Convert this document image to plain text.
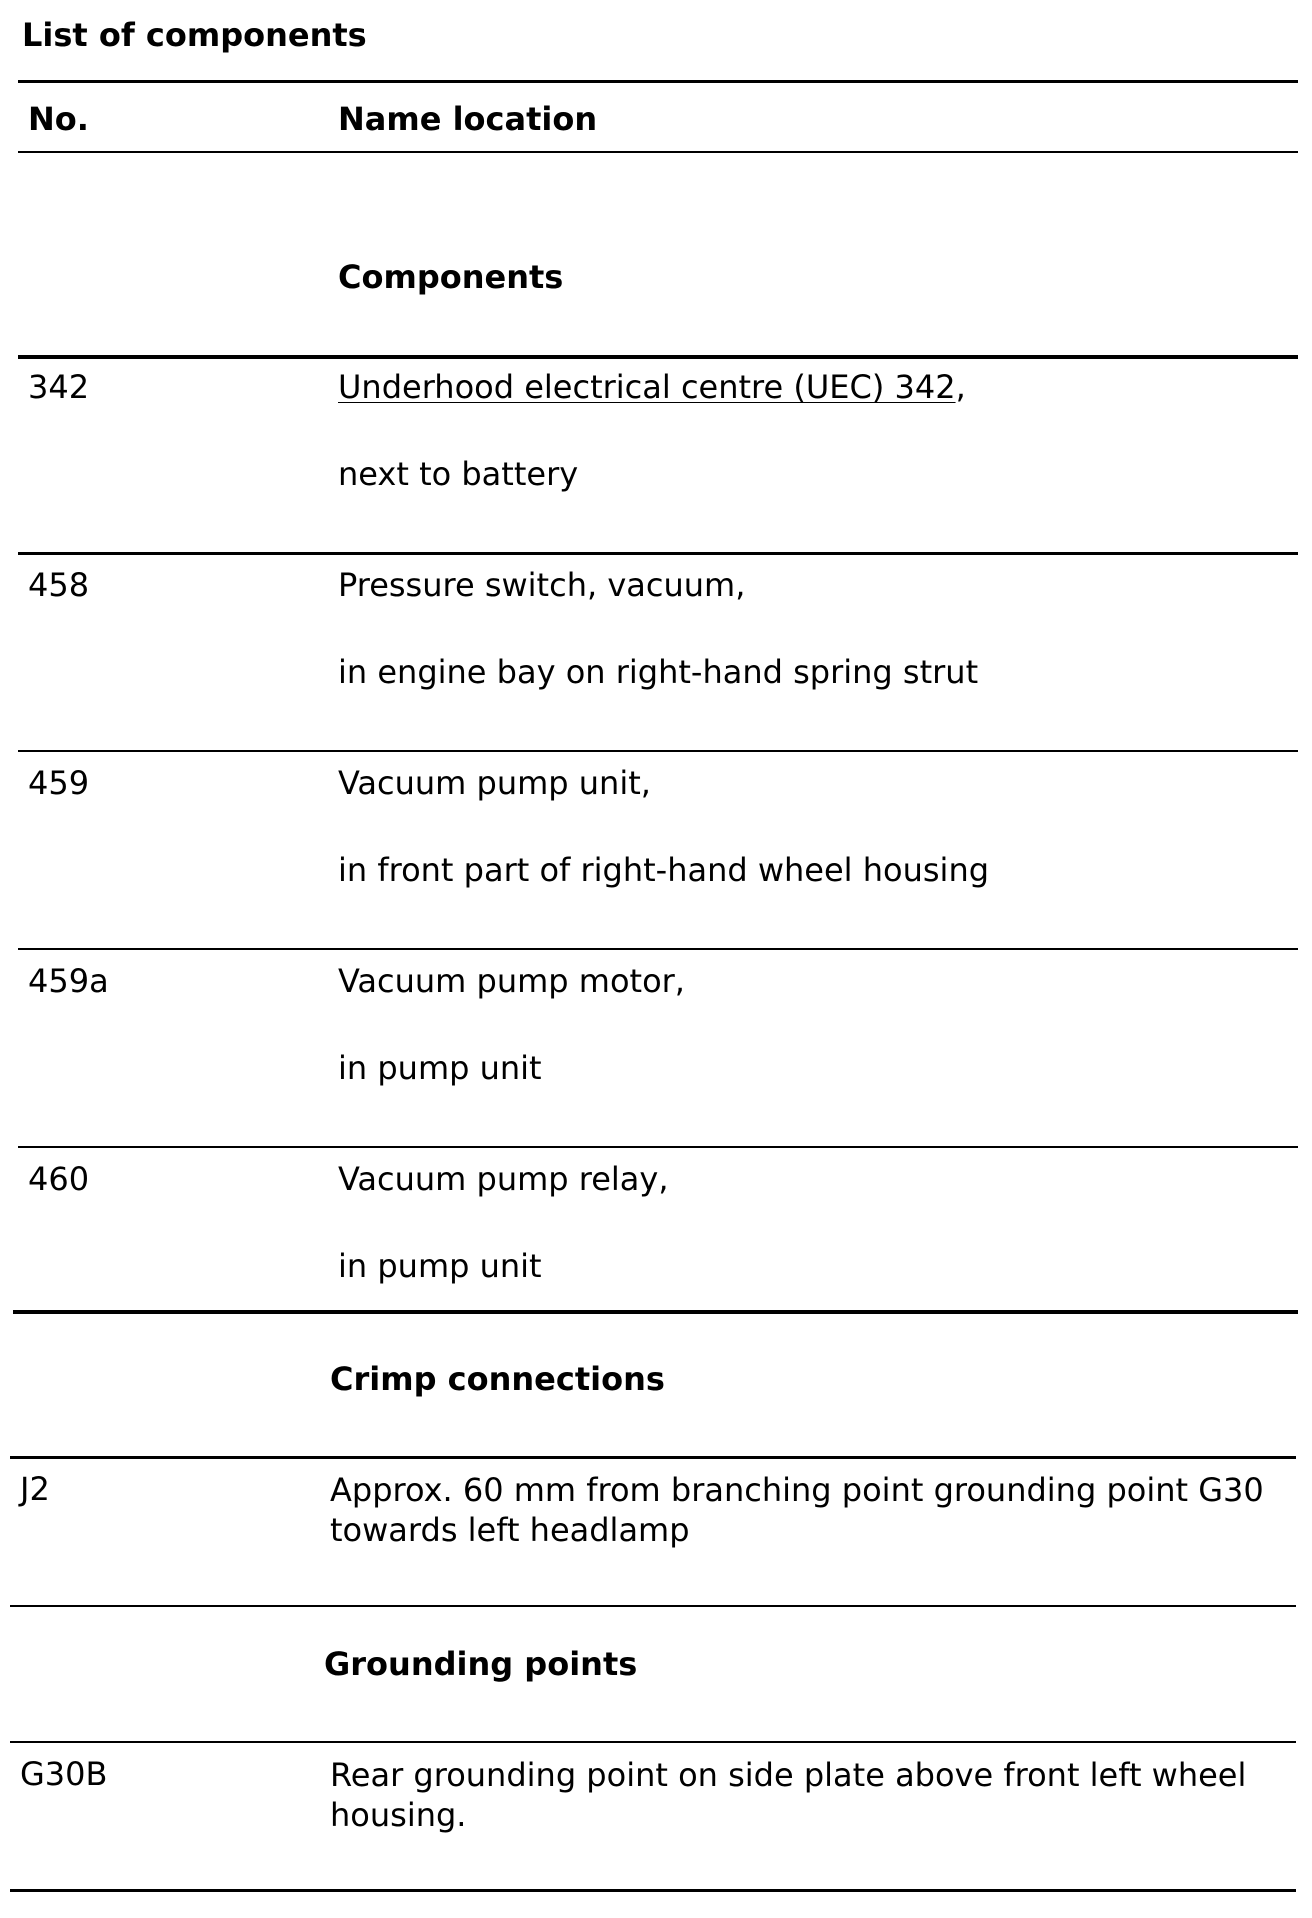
List of components
No.	Name location
Components
342	Underhood electrical centre (UEC) 342,
next to battery
458	Pressure switch, vacuum,
in engine bay on right-hand spring strut
459	Vacuum pump unit,
in front part of right-hand wheel housing
459a	Vacuum pump motor,
in pump unit
460	Vacuum pump relay,
in pump unit
Crimp connections
J2	Approx. 60 mm from branching point grounding point G30 towards left headlamp
Grounding points
G30B	Rear grounding point on side plate above front left wheel housing.
